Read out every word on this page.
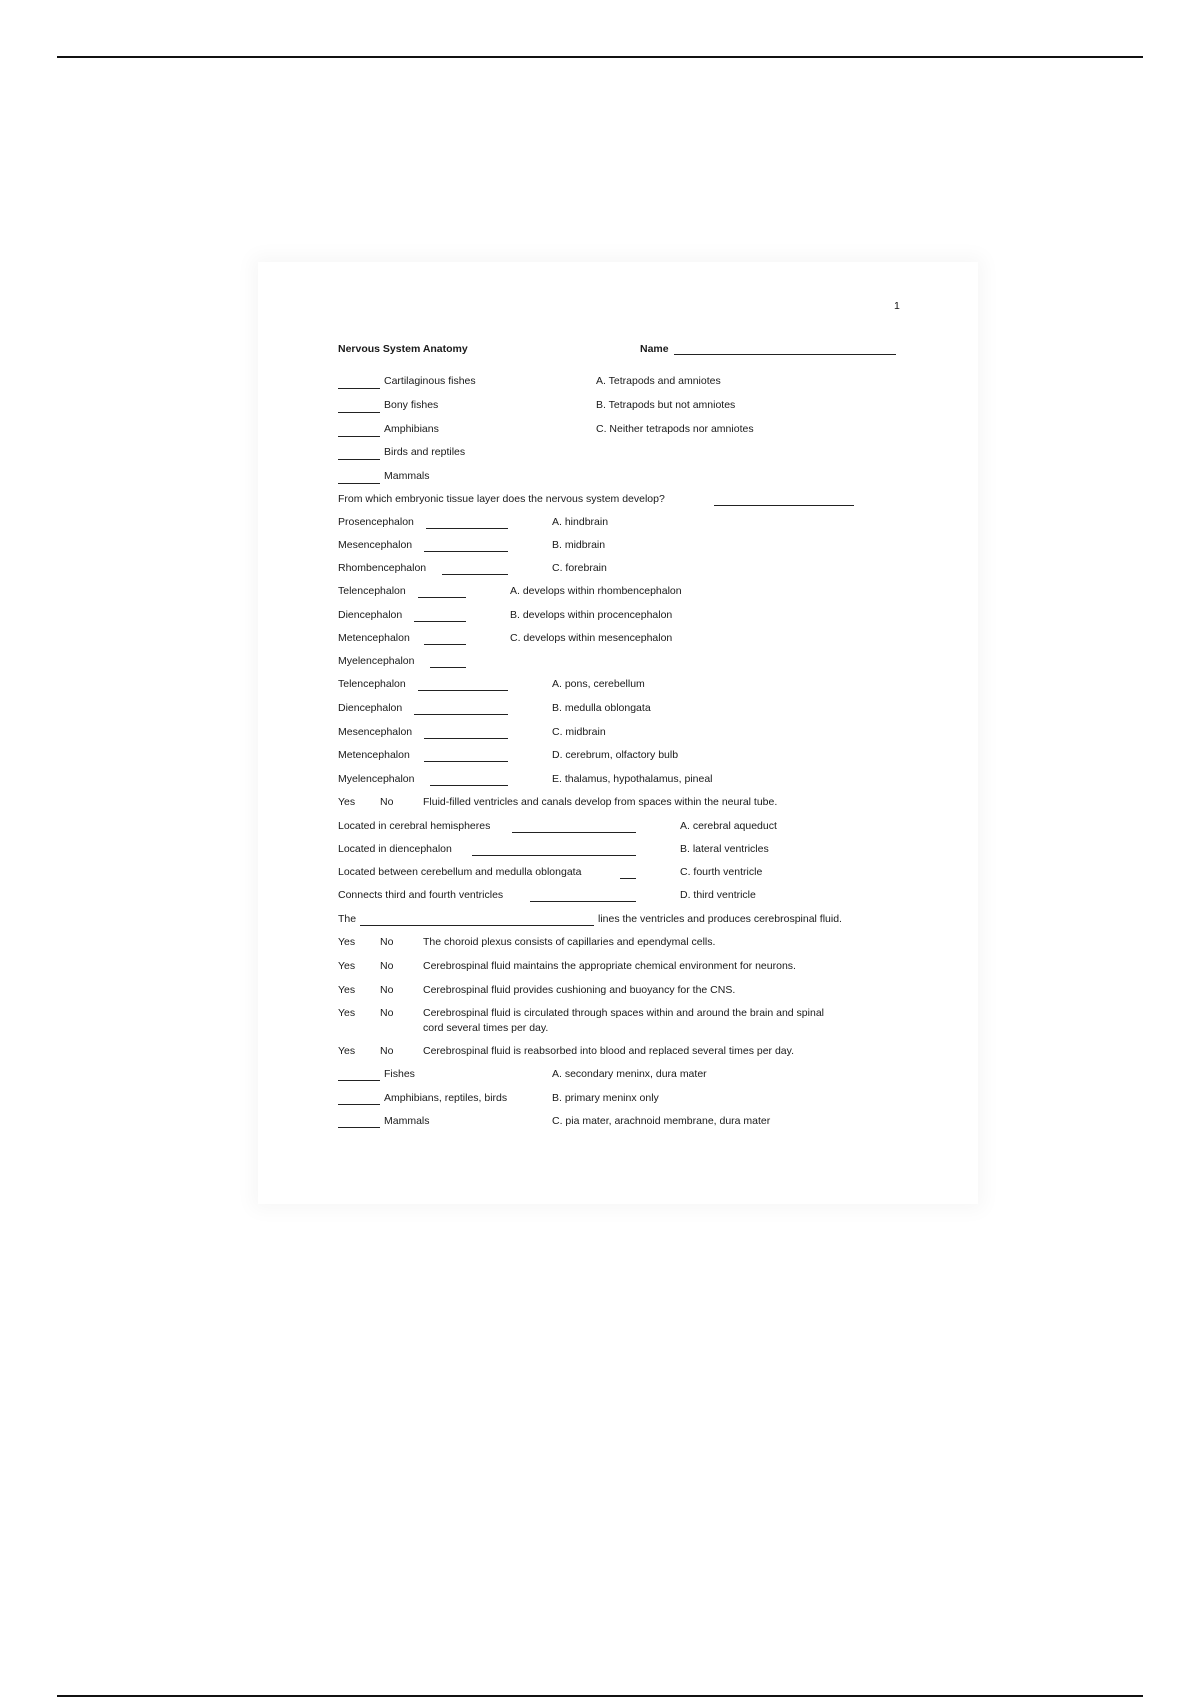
1
Nervous System Anatomy	Name
Cartilaginous fishes	A. Tetrapods and amniotes
Bony fishes	B. Tetrapods but not amniotes
Amphibians	C. Neither tetrapods nor amniotes
Birds and reptiles
Mammals
From which embryonic tissue layer does the nervous system develop?
Prosencephalon	A. hindbrain
Mesencephalon	B. midbrain
Rhombencephalon	C. forebrain
Telencephalon	A. develops within rhombencephalon
Diencephalon	B. develops within procencephalon
Metencephalon	C. develops within mesencephalon
Myelencephalon
Telencephalon	A. pons, cerebellum
Diencephalon	B. medulla oblongata
Mesencephalon	C. midbrain
Metencephalon	D. cerebrum, olfactory bulb
Myelencephalon	E. thalamus, hypothalamus, pineal
Yes No	Fluid-filled ventricles and canals develop from spaces within the neural tube.
Located in cerebral hemispheres	A. cerebral aqueduct
Located in diencephalon	B. lateral ventricles
Located between cerebellum and medulla oblongata	C. fourth ventricle
Connects third and fourth ventricles	D. third ventricle
The	lines the ventricles and produces cerebrospinal fluid.
Yes No	The choroid plexus consists of capillaries and ependymal cells.
Yes No	Cerebrospinal fluid maintains the appropriate chemical environment for neurons.
Yes No	Cerebrospinal fluid provides cushioning and buoyancy for the CNS.
Yes No	Cerebrospinal fluid is circulated through spaces within and around the brain and spinal
cord several times per day.
Yes No	Cerebrospinal fluid is reabsorbed into blood and replaced several times per day.
Fishes	A. secondary meninx, dura mater
Amphibians, reptiles, birds	B. primary meninx only
Mammals	C. pia mater, arachnoid membrane, dura mater
